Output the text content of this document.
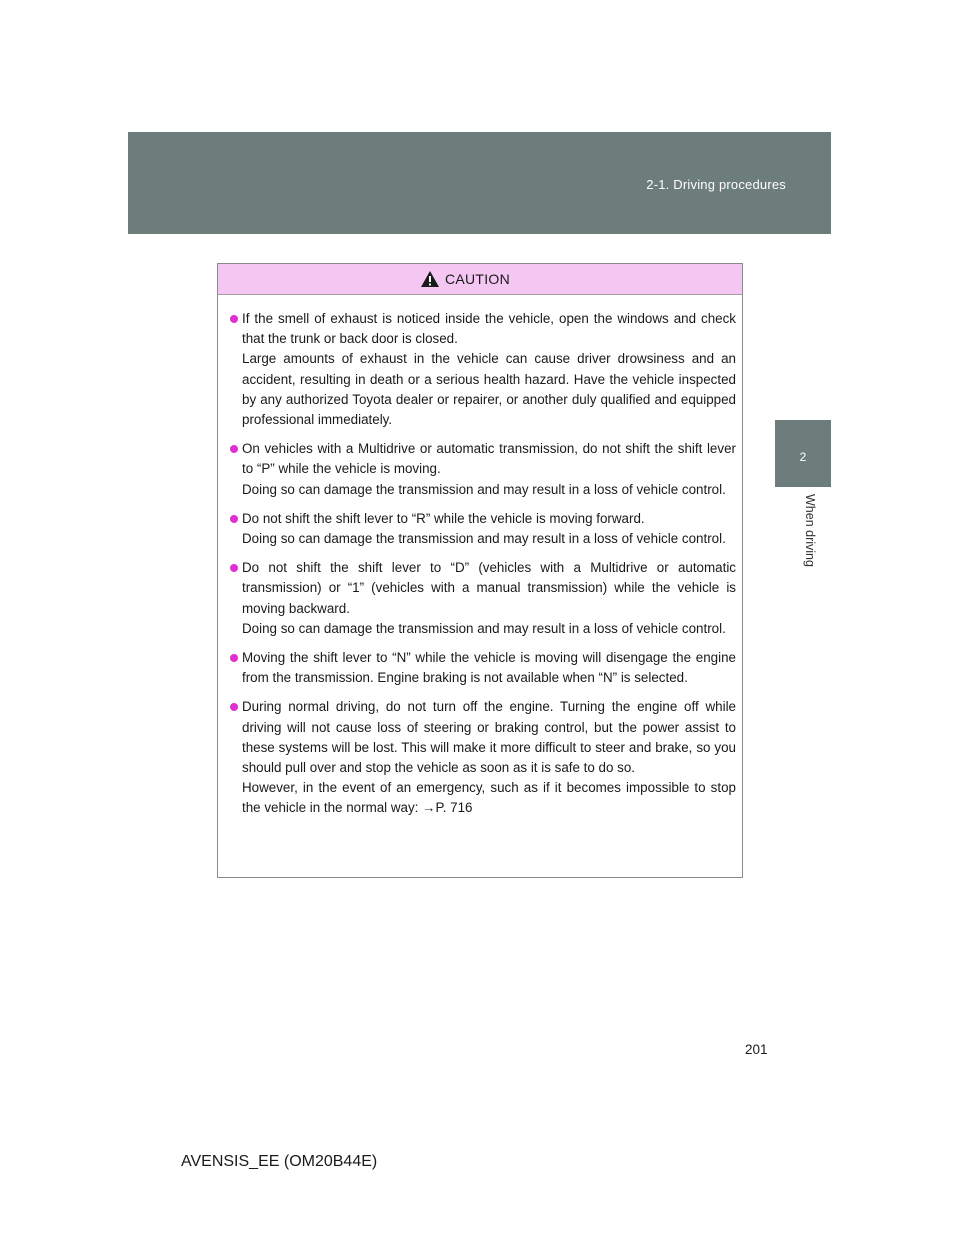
2-1. Driving procedures
2
When driving
CAUTION

If the smell of exhaust is noticed inside the vehicle, open the windows and check that the trunk or back door is closed.

Large amounts of exhaust in the vehicle can cause driver drowsiness and an accident, resulting in death or a serious health hazard. Have the vehicle inspected by any authorized Toyota dealer or repairer, or another duly qualified and equipped professional immediately.

On vehicles with a Multidrive or automatic transmission, do not shift the shift lever to “P” while the vehicle is moving.

Doing so can damage the transmission and may result in a loss of vehicle control.

Do not shift the shift lever to “R” while the vehicle is moving forward.

Doing so can damage the transmission and may result in a loss of vehicle control.

Do not shift the shift lever to “D” (vehicles with a Multidrive or automatic transmission) or “1” (vehicles with a manual transmission) while the vehicle is moving backward.

Doing so can damage the transmission and may result in a loss of vehicle control.

Moving the shift lever to “N” while the vehicle is moving will disengage the engine from the transmission. Engine braking is not available when “N” is selected.

During normal driving, do not turn off the engine. Turning the engine off while driving will not cause loss of steering or braking control, but the power assist to these systems will be lost. This will make it more difficult to steer and brake, so you should pull over and stop the vehicle as soon as it is safe to do so.

However, in the event of an emergency, such as if it becomes impossible to stop the vehicle in the normal way: →P. 716

201
AVENSIS_EE (OM20B44E)
